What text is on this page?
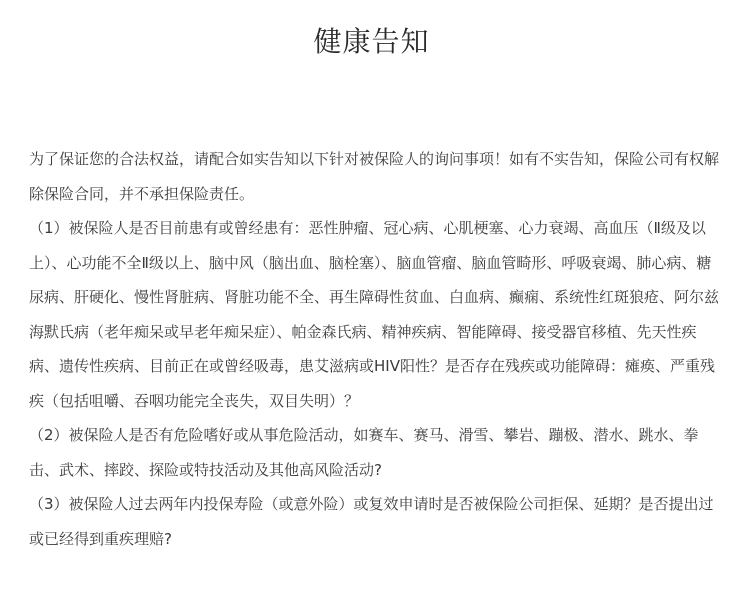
健康告知

为了保证您的合法权益，请配合如实告知以下针对被保险人的询问事项！如有不实告知，保险公司有权解除保险合同，并不承担保险责任。

（1）被保险人是否目前患有或曾经患有：恶性肿瘤、冠心病、心肌梗塞、心力衰竭、高血压（Ⅱ级及以上）、心功能不全Ⅱ级以上、脑中风（脑出血、脑栓塞）、脑血管瘤、脑血管畸形、呼吸衰竭、肺心病、糖尿病、肝硬化、慢性肾脏病、肾脏功能不全、再生障碍性贫血、白血病、癫痫、系统性红斑狼疮、阿尔兹海默氏病（老年痴呆或早老年痴呆症）、帕金森氏病、精神疾病、智能障碍、接受器官移植、先天性疾病、遗传性疾病、目前正在或曾经吸毒，患艾滋病或HIV阳性？是否存在残疾或功能障碍：瘫痪、严重残疾（包括咀嚼、吞咽功能完全丧失，双目失明）？

（2）被保险人是否有危险嗜好或从事危险活动，如赛车、赛马、滑雪、攀岩、蹦极、潜水、跳水、拳击、武术、摔跤、探险或特技活动及其他高风险活动?

（3）被保险人过去两年内投保寿险（或意外险）或复效申请时是否被保险公司拒保、延期？是否提出过或已经得到重疾理赔?
